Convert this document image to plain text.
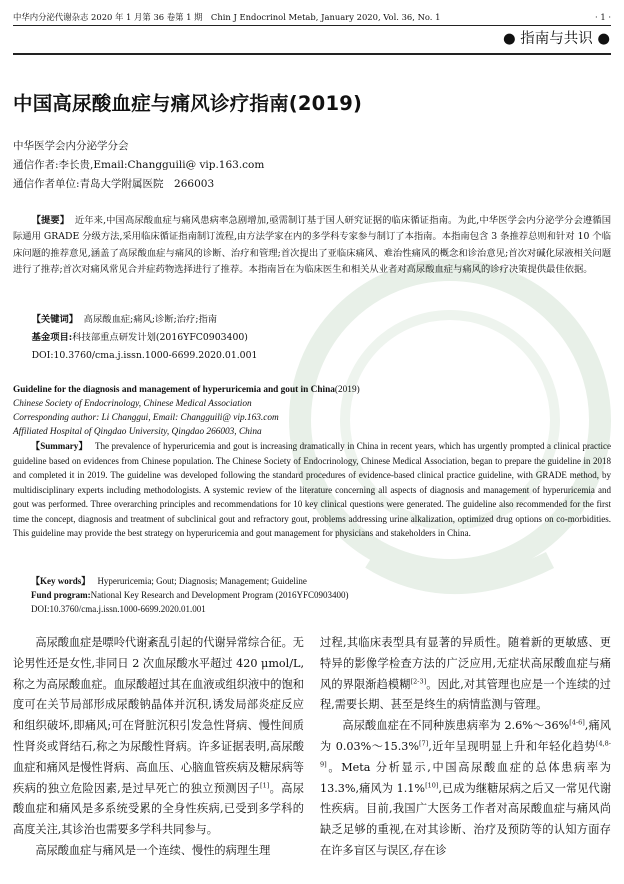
中华内分泌代谢杂志 2020 年 1 月第 36 卷第 1 期　Chin J Endocrinol Metab, January 2020, Vol. 36, No. 1	· 1 ·
● 指南与共识 ●
中国高尿酸血症与痛风诊疗指南(2019)
中华医学会内分泌学分会
通信作者:李长贵,Email:Changguili@ vip.163.com
通信作者单位:青岛大学附属医院　266003
【提要】 近年来,中国高尿酸血症与痛风患病率急剧增加,亟需制订基于国人研究证据的临床循证指南。为此,中华医学会内分泌学分会遵循国际通用 GRADE 分级方法,采用临床循证指南制订流程,由方法学家在内的多学科专家参与制订了本指南。本指南包含 3 条推荐总则和针对 10 个临床问题的推荐意见,涵盖了高尿酸血症与痛风的诊断、治疗和管理;首次提出了亚临床痛风、难治性痛风的概念和诊治意见;首次对碱化尿液相关问题进行了推荐;首次对痛风常见合并症药物选择进行了推荐。本指南旨在为临床医生和相关从业者对高尿酸血症与痛风的诊疗决策提供最佳依据。
【关键词】 高尿酸血症;痛风;诊断;治疗;指南
基金项目:科技部重点研发计划(2016YFC0903400)
DOI:10.3760/cma.j.issn.1000-6699.2020.01.001
Guideline for the diagnosis and management of hyperuricemia and gout in China(2019)
Chinese Society of Endocrinology, Chinese Medical Association
Corresponding author: Li Changgui, Email: Changguili@ vip.163.com
Affiliated Hospital of Qingdao University, Qingdao 266003, China
【Summary】 The prevalence of hyperuricemia and gout is increasing dramatically in China in recent years, which has urgently prompted a clinical practice guideline based on evidences from Chinese population. The Chinese Society of Endocrinology, Chinese Medical Association, began to prepare the guideline in 2018 and completed it in 2019. The guideline was developed following the standard procedures of evidence-based clinical practice guideline, with GRADE method, by multidisciplinary experts including methodologists. A systemic review of the literature concerning all aspects of diagnosis and management of hyperuricemia and gout was performed. Three overarching principles and recommendations for 10 key clinical questions were generated. The guideline also recommended for the first time the concept, diagnosis and treatment of subclinical gout and refractory gout, problems addressing urine alkalization, optimized drug options on co-morbidities. This guideline may provide the best strategy on hyperuricemia and gout management for physicians and stakeholders in China.
【Key words】 Hyperuricemia; Gout; Diagnosis; Management; Guideline
Fund program:National Key Research and Development Program (2016YFC0903400)
DOI:10.3760/cma.j.issn.1000-6699.2020.01.001

高尿酸血症是嘌呤代谢紊乱引起的代谢异常综合征。无论男性还是女性,非同日 2 次血尿酸水平超过 420 μmol/L,称之为高尿酸血症。血尿酸超过其在血液或组织液中的饱和度可在关节局部形成尿酸钠晶体并沉积,诱发局部炎症反应和组织破坏,即痛风;可在肾脏沉积引发急性肾病、慢性间质性肾炎或肾结石,称之为尿酸性肾病。许多证据表明,高尿酸血症和痛风是慢性肾病、高血压、心脑血管疾病及糖尿病等疾病的独立危险因素,是过早死亡的独立预测因子[1]。高尿酸血症和痛风是多系统受累的全身性疾病,已受到多学科的高度关注,其诊治也需要多学科共同参与。

高尿酸血症与痛风是一个连续、慢性的病理生理

过程,其临床表型具有显著的异质性。随着新的更敏感、更特异的影像学检查方法的广泛应用,无症状高尿酸血症与痛风的界限渐趋模糊[2-3]。因此,对其管理也应是一个连续的过程,需要长期、甚至是终生的病情监测与管理。

高尿酸血症在不同种族患病率为 2.6%～36%[4-6],痛风为 0.03%～15.3%[7],近年呈现明显上升和年轻化趋势[4,8-9]。Meta 分析显示,中国高尿酸血症的总体患病率为 13.3%,痛风为 1.1%[10],已成为继糖尿病之后又一常见代谢性疾病。目前,我国广大医务工作者对高尿酸血症与痛风尚缺乏足够的重视,在对其诊断、治疗及预防等的认知方面存在许多盲区与误区,存在诊
